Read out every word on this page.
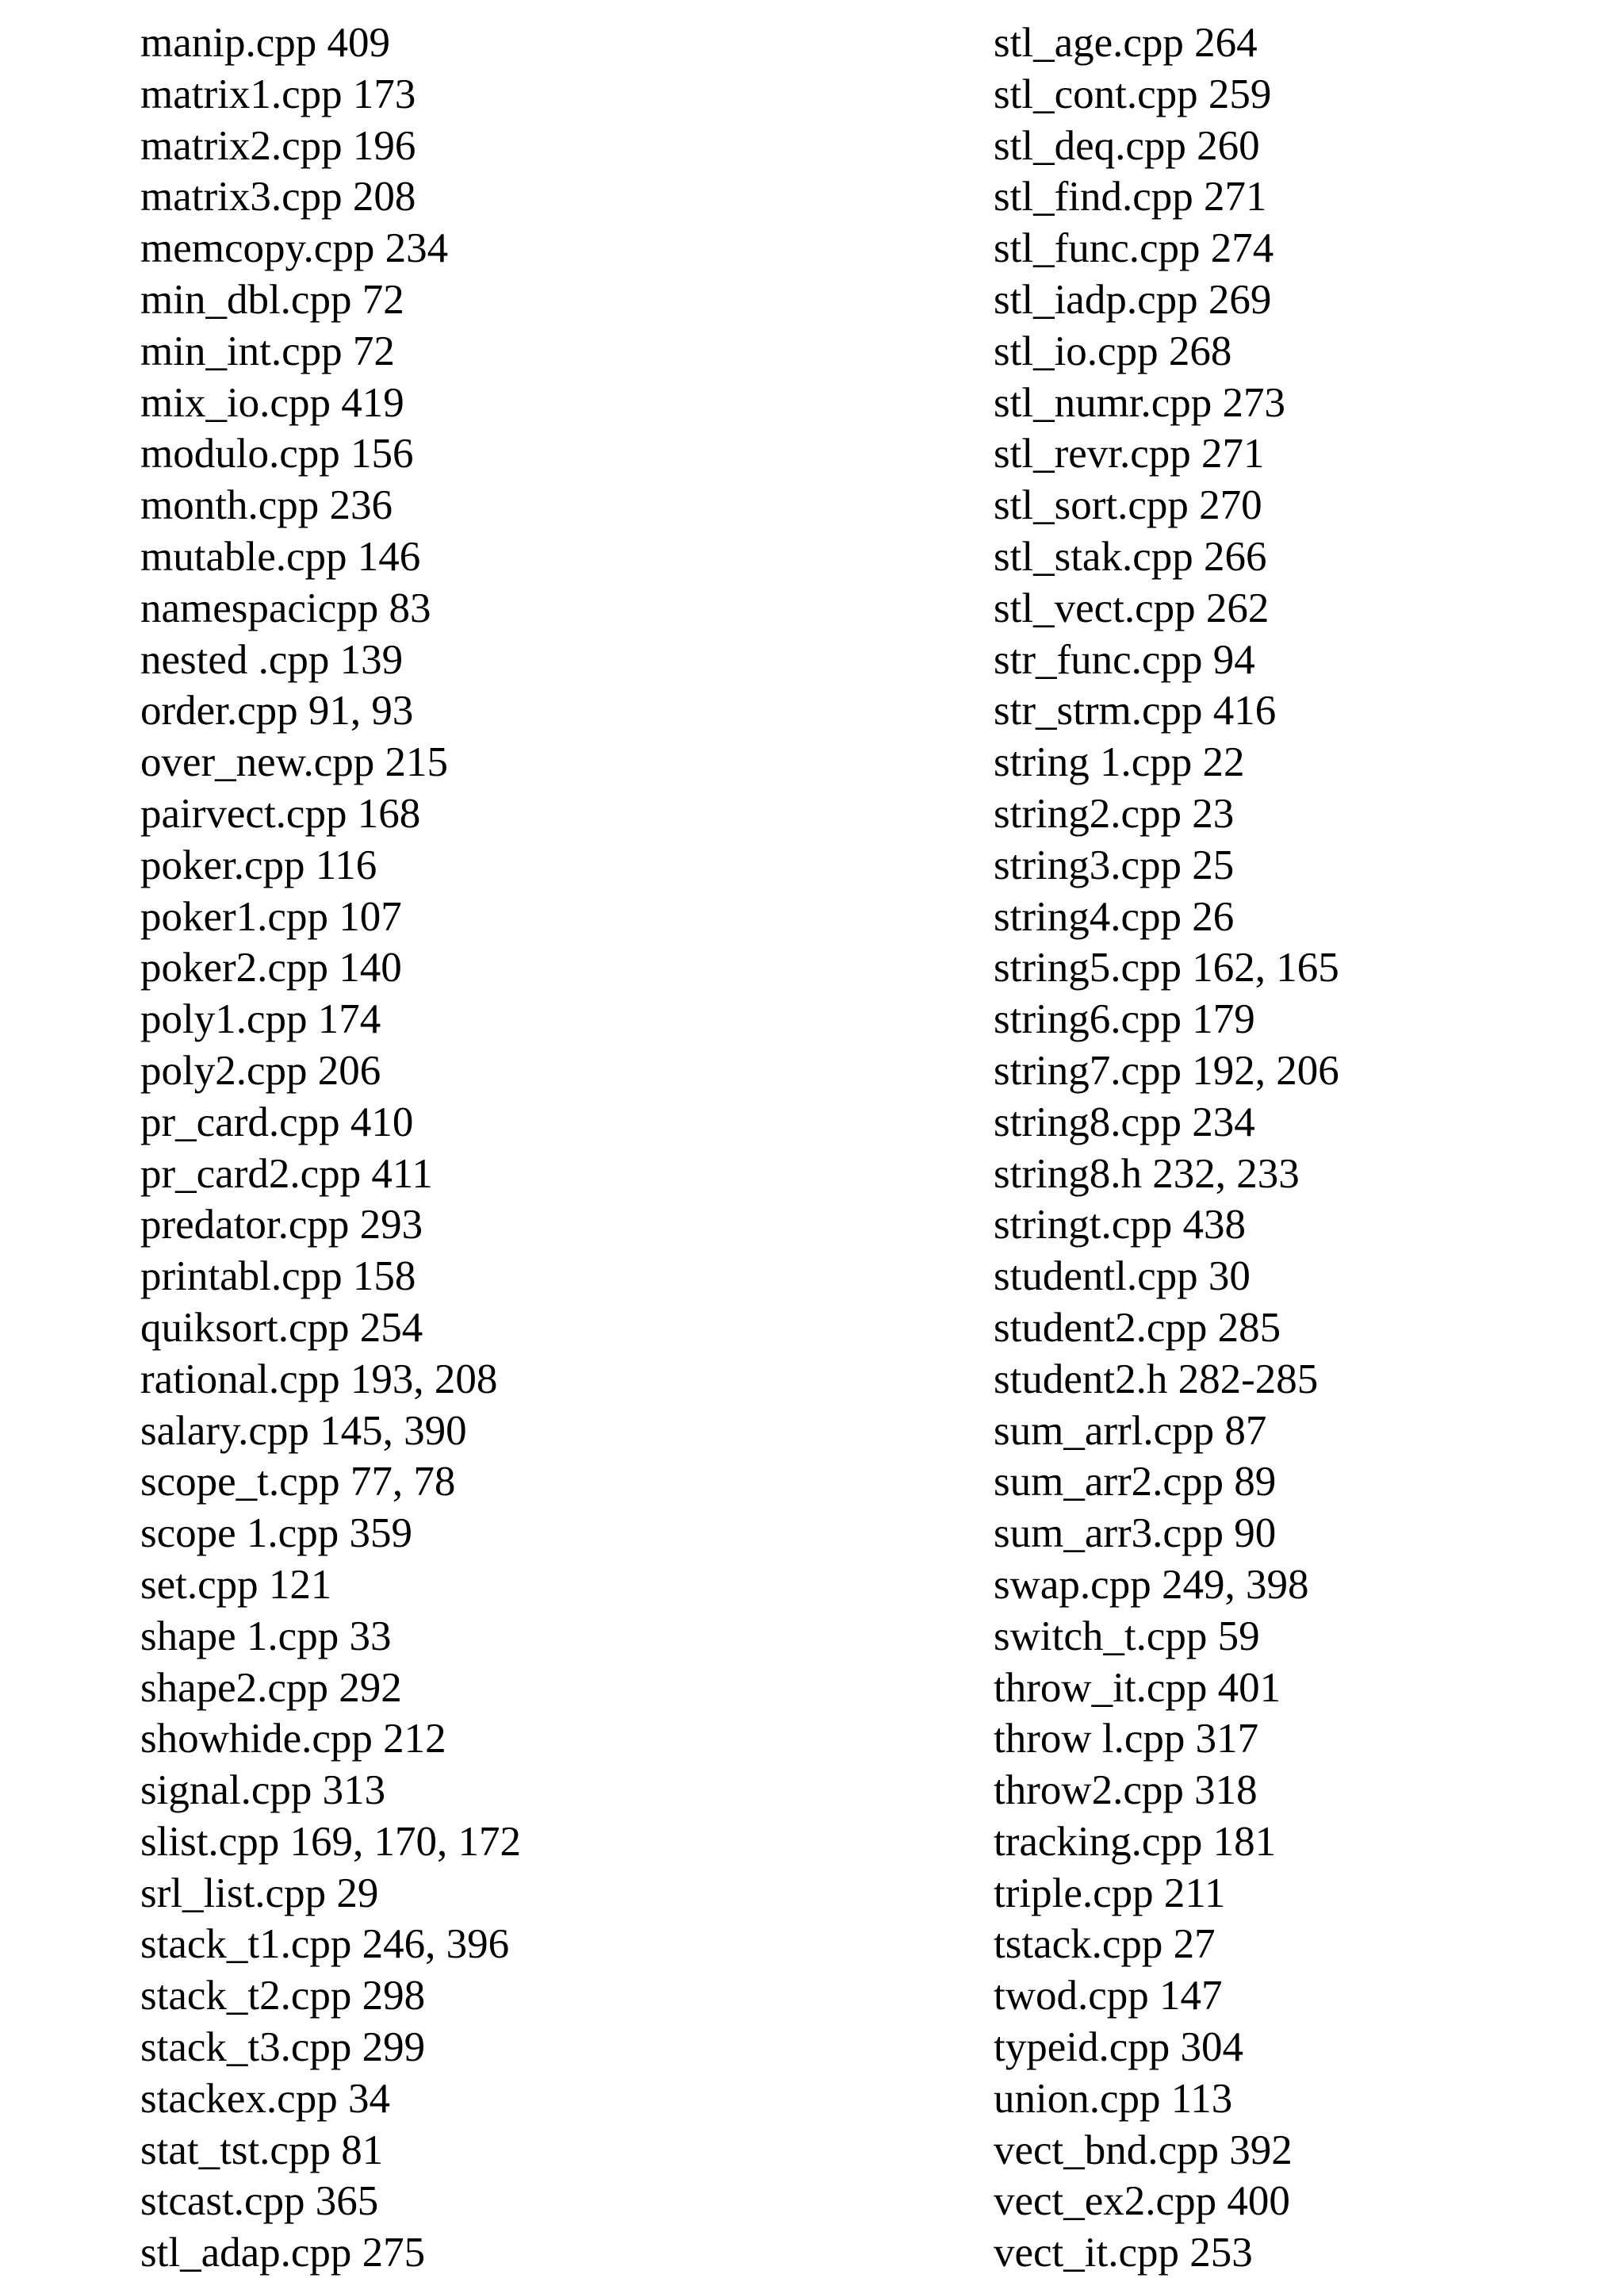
manip.cpp 409
matrix1.cpp 173
matrix2.cpp 196
matrix3.cpp 208
memcopy.cpp 234
min_dbl.cpp 72
min_int.cpp 72
mix_io.cpp 419
modulo.cpp 156
month.cpp 236
mutable.cpp 146
namespacicpp 83
nested .cpp 139
order.cpp 91, 93
over_new.cpp 215
pairvect.cpp 168
poker.cpp 116
poker1.cpp 107
poker2.cpp 140
poly1.cpp 174
poly2.cpp 206
pr_card.cpp 410
pr_card2.cpp 411
predator.cpp 293
printabl.cpp 158
quiksort.cpp 254
rational.cpp 193, 208
salary.cpp 145, 390
scope_t.cpp 77, 78
scope 1.cpp 359
set.cpp 121
shape 1.cpp 33
shape2.cpp 292
showhide.cpp 212
signal.cpp 313
slist.cpp 169, 170, 172
srl_list.cpp 29
stack_t1.cpp 246, 396
stack_t2.cpp 298
stack_t3.cpp 299
stackex.cpp 34
stat_tst.cpp 81
stcast.cpp 365
stl_adap.cpp 275
stl_age.cpp 264
stl_cont.cpp 259
stl_deq.cpp 260
stl_find.cpp 271
stl_func.cpp 274
stl_iadp.cpp 269
stl_io.cpp 268
stl_numr.cpp 273
stl_revr.cpp 271
stl_sort.cpp 270
stl_stak.cpp 266
stl_vect.cpp 262
str_func.cpp 94
str_strm.cpp 416
string 1.cpp 22
string2.cpp 23
string3.cpp 25
string4.cpp 26
string5.cpp 162, 165
string6.cpp 179
string7.cpp 192, 206
string8.cpp 234
string8.h 232, 233
stringt.cpp 438
studentl.cpp 30
student2.cpp 285
student2.h 282-285
sum_arrl.cpp 87
sum_arr2.cpp 89
sum_arr3.cpp 90
swap.cpp 249, 398
switch_t.cpp 59
throw_it.cpp 401
throw l.cpp 317
throw2.cpp 318
tracking.cpp 181
triple.cpp 211
tstack.cpp 27
twod.cpp 147
typeid.cpp 304
union.cpp 113
vect_bnd.cpp 392
vect_ex2.cpp 400
vect_it.cpp 253
